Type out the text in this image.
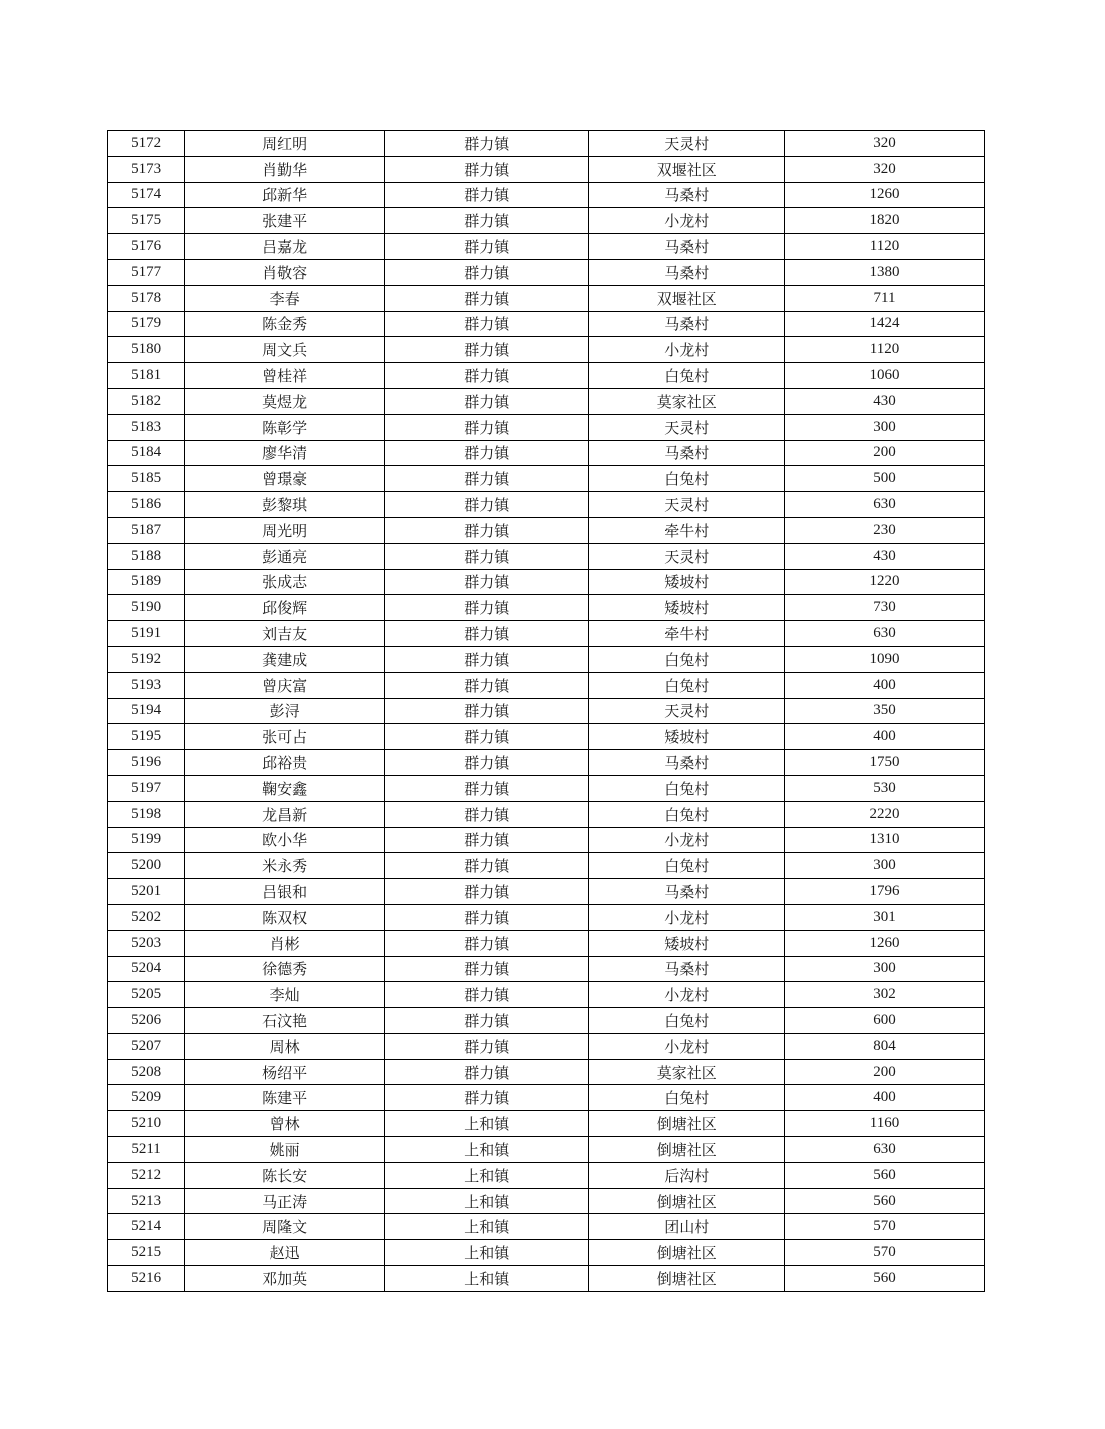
5172	周红明	群力镇	天灵村	320
5173	肖勤华	群力镇	双堰社区	320
5174	邱新华	群力镇	马桑村	1260
5175	张建平	群力镇	小龙村	1820
5176	吕嘉龙	群力镇	马桑村	1120
5177	肖敬容	群力镇	马桑村	1380
5178	李春	群力镇	双堰社区	711
5179	陈金秀	群力镇	马桑村	1424
5180	周文兵	群力镇	小龙村	1120
5181	曾桂祥	群力镇	白兔村	1060
5182	莫煜龙	群力镇	莫家社区	430
5183	陈彰学	群力镇	天灵村	300
5184	廖华清	群力镇	马桑村	200
5185	曾璟豪	群力镇	白兔村	500
5186	彭黎琪	群力镇	天灵村	630
5187	周光明	群力镇	牵牛村	230
5188	彭通亮	群力镇	天灵村	430
5189	张成志	群力镇	矮坡村	1220
5190	邱俊辉	群力镇	矮坡村	730
5191	刘吉友	群力镇	牵牛村	630
5192	龚建成	群力镇	白兔村	1090
5193	曾庆富	群力镇	白兔村	400
5194	彭浔	群力镇	天灵村	350
5195	张可占	群力镇	矮坡村	400
5196	邱裕贵	群力镇	马桑村	1750
5197	鞠安鑫	群力镇	白兔村	530
5198	龙昌新	群力镇	白兔村	2220
5199	欧小华	群力镇	小龙村	1310
5200	米永秀	群力镇	白兔村	300
5201	吕银和	群力镇	马桑村	1796
5202	陈双权	群力镇	小龙村	301
5203	肖彬	群力镇	矮坡村	1260
5204	徐德秀	群力镇	马桑村	300
5205	李灿	群力镇	小龙村	302
5206	石汶艳	群力镇	白兔村	600
5207	周林	群力镇	小龙村	804
5208	杨绍平	群力镇	莫家社区	200
5209	陈建平	群力镇	白兔村	400
5210	曾林	上和镇	倒塘社区	1160
5211	姚丽	上和镇	倒塘社区	630
5212	陈长安	上和镇	后沟村	560
5213	马正涛	上和镇	倒塘社区	560
5214	周隆文	上和镇	团山村	570
5215	赵迅	上和镇	倒塘社区	570
5216	邓加英	上和镇	倒塘社区	560
